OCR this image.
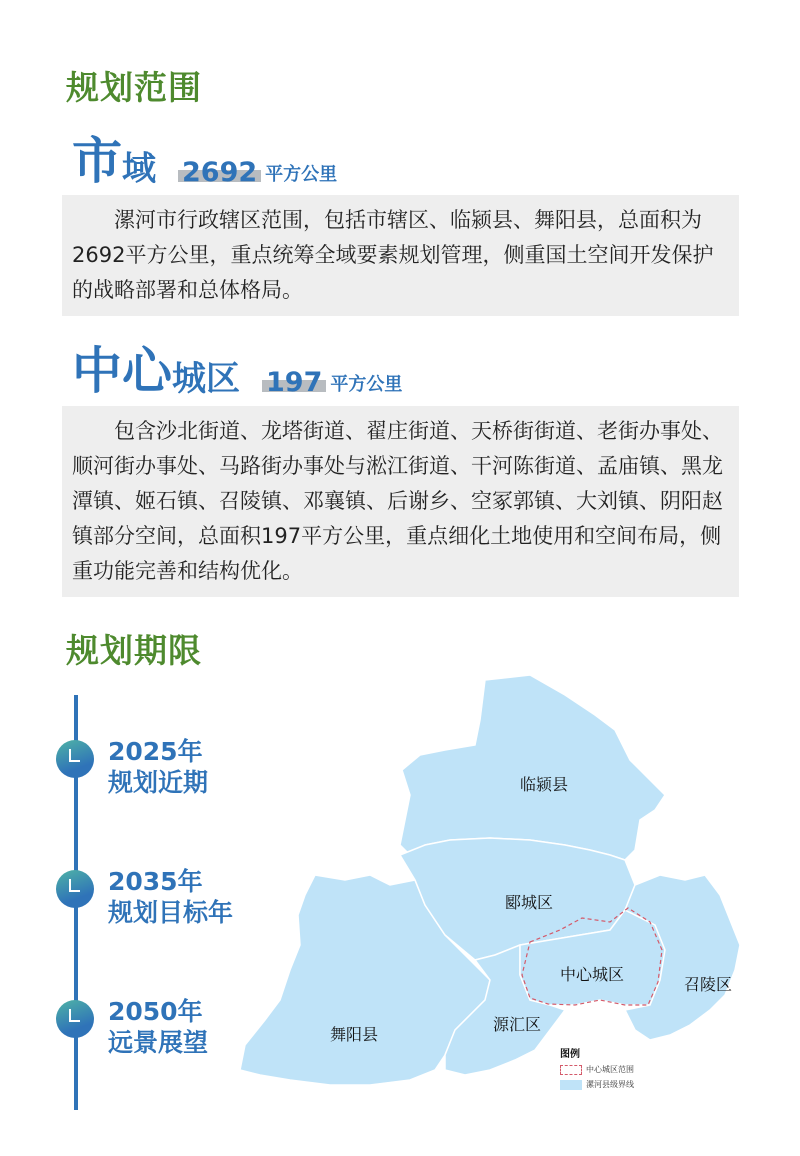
规划范围
市 域 2692 平方公里

漯河市行政辖区范围，包括市辖区、临颍县、舞阳县，总面积为2692平方公里，重点统筹全域要素规划管理，侧重国土空间开发保护的战略部署和总体格局。

中心 城区 197 平方公里

包含沙北街道、龙塔街道、翟庄街道、天桥街街道、老街办事处、顺河街办事处、马路街办事处与淞江街道、干河陈街道、孟庙镇、黑龙潭镇、姬石镇、召陵镇、邓襄镇、后谢乡、空冢郭镇、大刘镇、阴阳赵镇部分空间，总面积197平方公里，重点细化土地使用和空间布局，侧重功能完善和结构优化。

规划期限
2025年
规划近期
2035年
规划目标年
2050年
远景展望
临颍县
郾城区
中心城区
召陵区
舞阳县
源汇区
图例
中心城区范围
漯河县级界线
